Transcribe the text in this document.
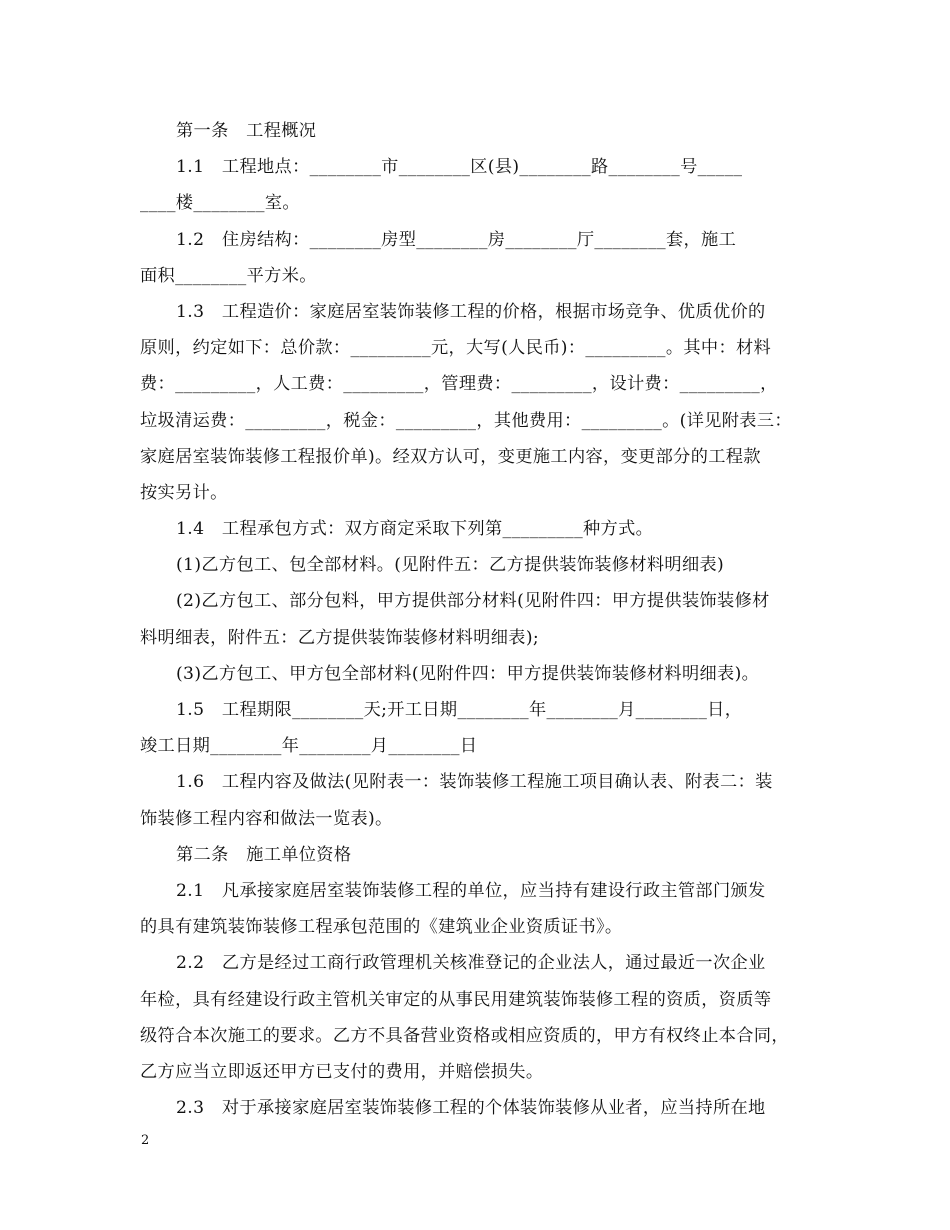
第一条　工程概况
1.1　工程地点：________市________区(县)________路________号_____
____楼________室。
1.2　住房结构：________房型________房________厅________套，施工
面积________平方米。
1.3　工程造价：家庭居室装饰装修工程的价格，根据市场竞争、优质优价的
原则，约定如下：总价款：_________元，大写(人民币)：_________。其中：材料
费：_________，人工费：_________，管理费：_________，设计费：_________，
垃圾清运费：_________，税金：_________，其他费用：_________。(详见附表三：
家庭居室装饰装修工程报价单)。经双方认可，变更施工内容，变更部分的工程款
按实另计。
1.4　工程承包方式：双方商定采取下列第_________种方式。
(1)乙方包工、包全部材料。(见附件五：乙方提供装饰装修材料明细表)
(2)乙方包工、部分包料，甲方提供部分材料(见附件四：甲方提供装饰装修材
料明细表，附件五：乙方提供装饰装修材料明细表);
(3)乙方包工、甲方包全部材料(见附件四：甲方提供装饰装修材料明细表)。
1.5　工程期限________天;开工日期________年________月________日，
竣工日期________年________月________日
1.6　工程内容及做法(见附表一：装饰装修工程施工项目确认表、附表二：装
饰装修工程内容和做法一览表)。
第二条　施工单位资格
2.1　凡承接家庭居室装饰装修工程的单位，应当持有建设行政主管部门颁发
的具有建筑装饰装修工程承包范围的《建筑业企业资质证书》。
2.2　乙方是经过工商行政管理机关核准登记的企业法人，通过最近一次企业
年检，具有经建设行政主管机关审定的从事民用建筑装饰装修工程的资质，资质等
级符合本次施工的要求。乙方不具备营业资格或相应资质的，甲方有权终止本合同，
乙方应当立即返还甲方已支付的费用，并赔偿损失。
2.3　对于承接家庭居室装饰装修工程的个体装饰装修从业者，应当持所在地
2
